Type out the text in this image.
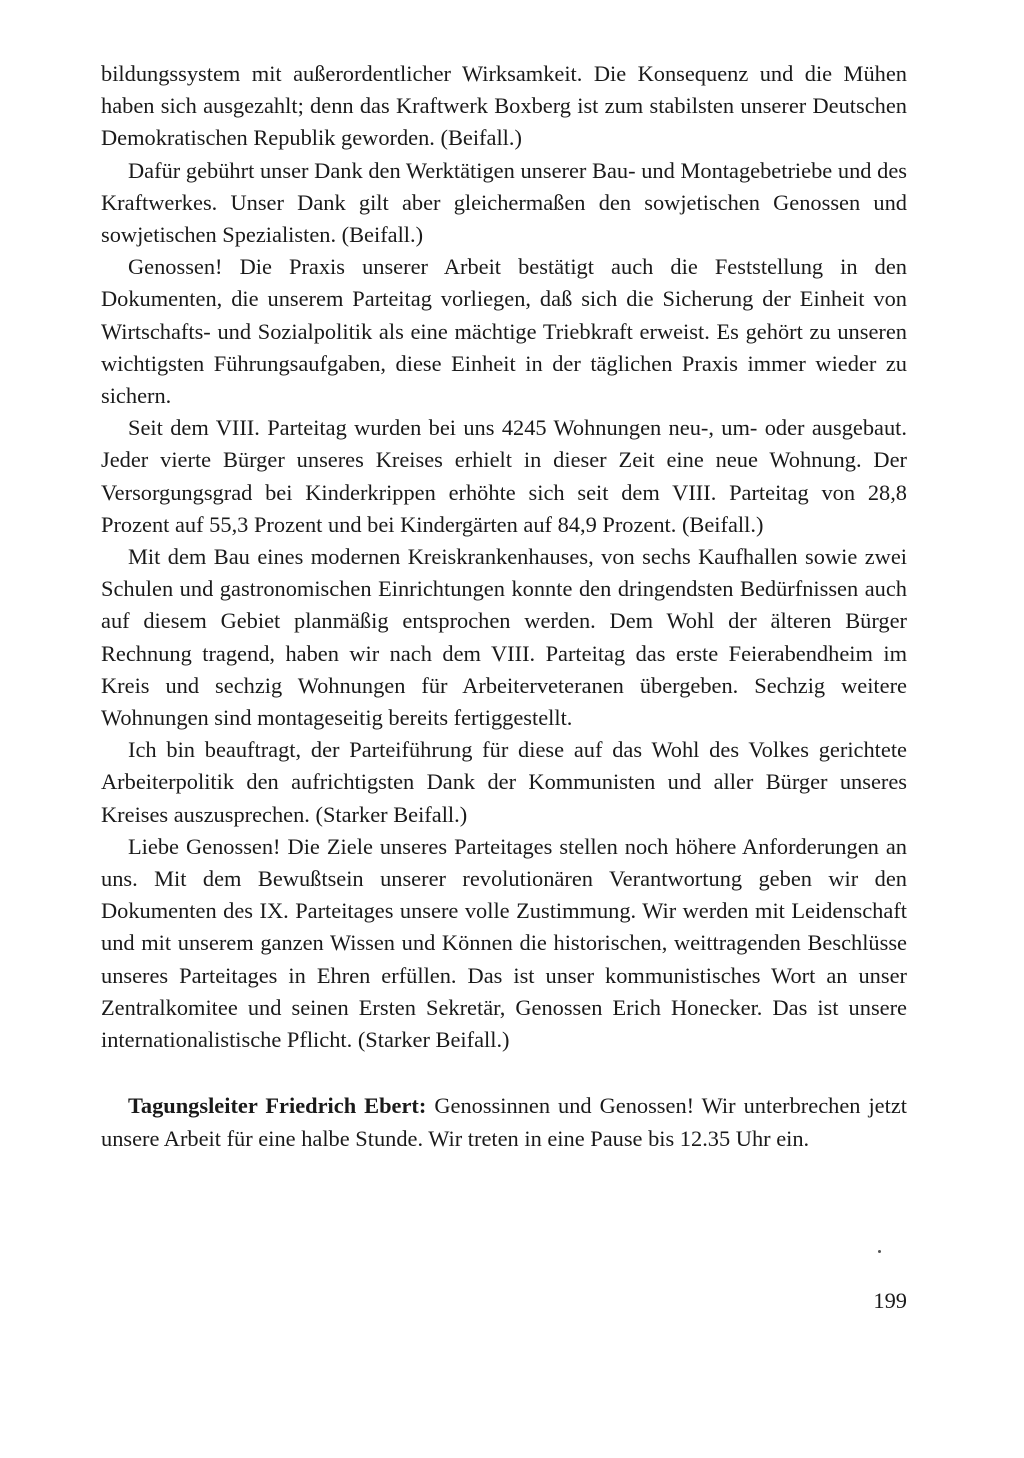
bildungssystem mit außerordentlicher Wirksamkeit. Die Konsequenz und die Mühen haben sich ausgezahlt; denn das Kraftwerk Boxberg ist zum stabilsten unserer Deutschen Demokratischen Republik geworden. (Beifall.)

Dafür gebührt unser Dank den Werktätigen unserer Bau- und Montagebetriebe und des Kraftwerkes. Unser Dank gilt aber gleichermaßen den sowjetischen Genossen und sowjetischen Spezialisten. (Beifall.)

Genossen! Die Praxis unserer Arbeit bestätigt auch die Feststellung in den Dokumenten, die unserem Parteitag vorliegen, daß sich die Sicherung der Einheit von Wirtschafts- und Sozialpolitik als eine mächtige Triebkraft erweist. Es gehört zu unseren wichtigsten Führungsaufgaben, diese Einheit in der täglichen Praxis immer wieder zu sichern.

Seit dem VIII. Parteitag wurden bei uns 4245 Wohnungen neu-, um- oder ausgebaut. Jeder vierte Bürger unseres Kreises erhielt in dieser Zeit eine neue Wohnung. Der Versorgungsgrad bei Kinderkrippen erhöhte sich seit dem VIII. Parteitag von 28,8 Prozent auf 55,3 Prozent und bei Kindergärten auf 84,9 Prozent. (Beifall.)

Mit dem Bau eines modernen Kreiskrankenhauses, von sechs Kaufhallen sowie zwei Schulen und gastronomischen Einrichtungen konnte den dringendsten Bedürfnissen auch auf diesem Gebiet planmäßig entsprochen werden. Dem Wohl der älteren Bürger Rechnung tragend, haben wir nach dem VIII. Parteitag das erste Feierabendheim im Kreis und sechzig Wohnungen für Arbeiterveteranen übergeben. Sechzig weitere Wohnungen sind montageseitig bereits fertiggestellt.

Ich bin beauftragt, der Parteiführung für diese auf das Wohl des Volkes gerichtete Arbeiterpolitik den aufrichtigsten Dank der Kommunisten und aller Bürger unseres Kreises auszusprechen. (Starker Beifall.)

Liebe Genossen! Die Ziele unseres Parteitages stellen noch höhere Anforderungen an uns. Mit dem Bewußtsein unserer revolutionären Verantwortung geben wir den Dokumenten des IX. Parteitages unsere volle Zustimmung. Wir werden mit Leidenschaft und mit unserem ganzen Wissen und Können die historischen, weittragenden Beschlüsse unseres Parteitages in Ehren erfüllen. Das ist unser kommunistisches Wort an unser Zentralkomitee und seinen Ersten Sekretär, Genossen Erich Honecker. Das ist unsere internationalistische Pflicht. (Starker Beifall.)

Tagungsleiter Friedrich Ebert: Genossinnen und Genossen! Wir unterbrechen jetzt unsere Arbeit für eine halbe Stunde. Wir treten in eine Pause bis 12.35 Uhr ein.

199
